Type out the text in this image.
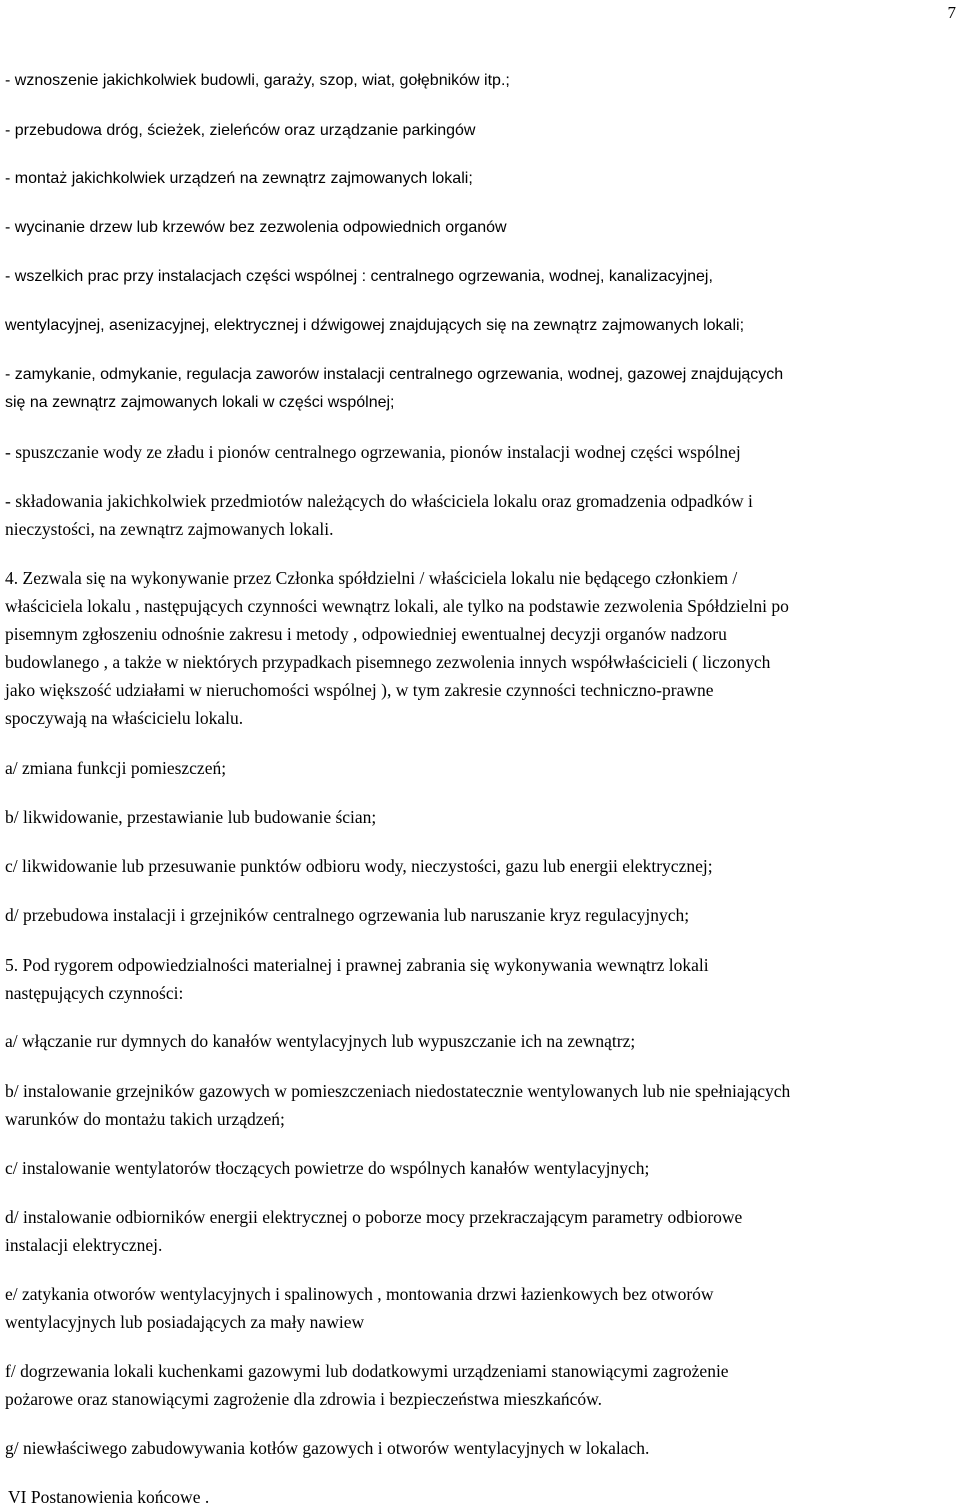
7
- wznoszenie jakichkolwiek budowli, garaży, szop, wiat, gołębników itp.;
- przebudowa dróg, ścieżek, zieleńców oraz urządzanie parkingów
- montaż jakichkolwiek urządzeń na zewnątrz zajmowanych lokali;
- wycinanie drzew lub krzewów bez zezwolenia odpowiednich organów
- wszelkich prac przy instalacjach części wspólnej : centralnego ogrzewania, wodnej, kanalizacyjnej,
wentylacyjnej, asenizacyjnej, elektrycznej i dźwigowej znajdujących się na zewnątrz zajmowanych lokali;
- zamykanie, odmykanie, regulacja zaworów instalacji centralnego ogrzewania, wodnej, gazowej znajdujących
się na zewnątrz zajmowanych lokali w części wspólnej;
- spuszczanie wody ze zładu i pionów centralnego ogrzewania, pionów instalacji wodnej części wspólnej
- składowania jakichkolwiek przedmiotów należących do właściciela lokalu oraz gromadzenia odpadków i
nieczystości, na zewnątrz zajmowanych lokali.
4. Zezwala się na wykonywanie przez Członka spółdzielni / właściciela lokalu nie będącego członkiem /
właściciela lokalu , następujących czynności wewnątrz lokali, ale tylko na podstawie zezwolenia Spółdzielni po
pisemnym zgłoszeniu odnośnie zakresu i metody , odpowiedniej ewentualnej decyzji organów nadzoru
budowlanego , a także w niektórych przypadkach pisemnego zezwolenia innych współwłaścicieli ( liczonych
jako większość udziałami w nieruchomości wspólnej ), w tym zakresie czynności techniczno-prawne
spoczywają na właścicielu lokalu.
a/ zmiana funkcji pomieszczeń;
b/ likwidowanie, przestawianie lub budowanie ścian;
c/ likwidowanie lub przesuwanie punktów odbioru wody, nieczystości, gazu lub energii elektrycznej;
d/ przebudowa instalacji i grzejników centralnego ogrzewania lub naruszanie kryz regulacyjnych;
5. Pod rygorem odpowiedzialności materialnej i prawnej zabrania się wykonywania wewnątrz lokali
następujących czynności:
a/ włączanie rur dymnych do kanałów wentylacyjnych lub wypuszczanie ich na zewnątrz;
b/ instalowanie grzejników gazowych w pomieszczeniach niedostatecznie wentylowanych lub nie spełniających
warunków do montażu takich urządzeń;
c/ instalowanie wentylatorów tłoczących powietrze do wspólnych kanałów wentylacyjnych;
d/ instalowanie odbiorników energii elektrycznej o poborze mocy przekraczającym parametry odbiorowe
instalacji elektrycznej.
e/ zatykania otworów wentylacyjnych i spalinowych , montowania drzwi łazienkowych bez otworów
wentylacyjnych lub posiadających za mały nawiew
f/ dogrzewania lokali kuchenkami gazowymi lub dodatkowymi urządzeniami stanowiącymi zagrożenie
pożarowe oraz stanowiącymi zagrożenie dla zdrowia i bezpieczeństwa mieszkańców.
g/ niewłaściwego zabudowywania kotłów gazowych i otworów wentylacyjnych w lokalach.
VI Postanowienia końcowe .
